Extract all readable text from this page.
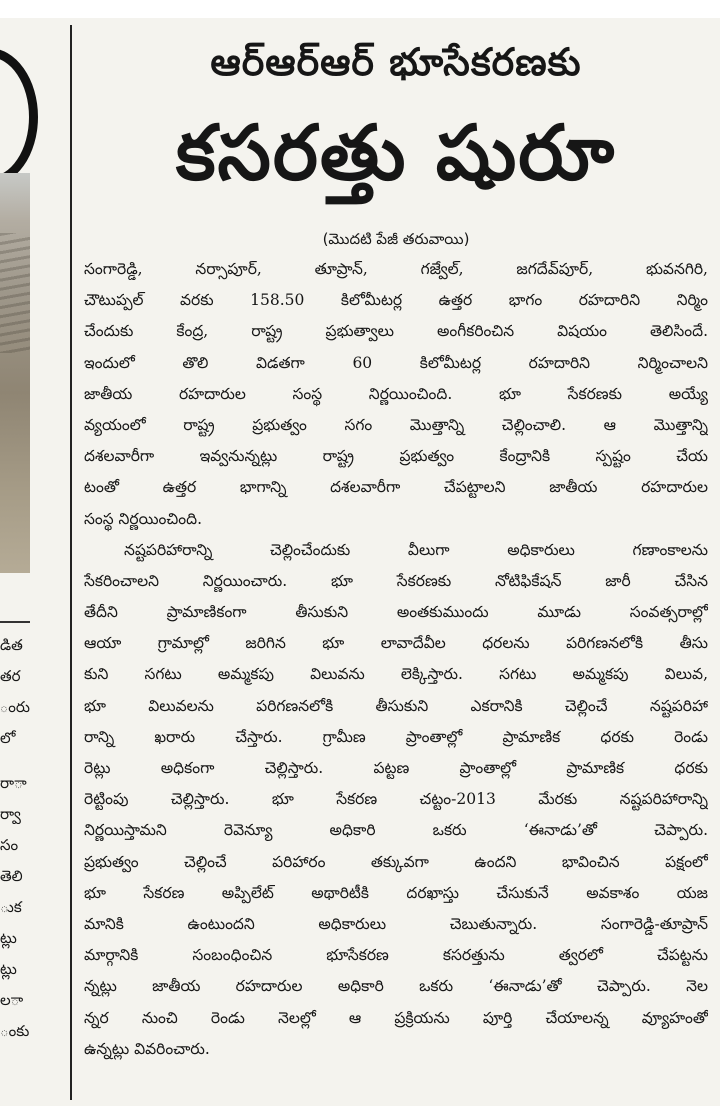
డిత
తర
ంరు
లో
ారా
ర్వా
సం
తెలి
ుక
ట్లు
ట్లు
ాల
ంకు
ఆర్‌ఆర్‌ఆర్‌ భూసేకరణకు
కసరత్తు షురూ
(మొదటి పేజీ తరువాయి)
సంగారెడ్డి, నర్సాపూర్‌, తూప్రాన్‌, గజ్వేల్‌, జగదేవ్‌పూర్‌, భువనగిరి,
చౌటుప్పల్‌ వరకు 158.50 కిలోమీటర్ల ఉత్తర భాగం రహదారిని నిర్మిం
చేందుకు కేంద్ర, రాష్ట్ర ప్రభుత్వాలు అంగీకరించిన విషయం తెలిసిందే.
ఇందులో తొలి విడతగా 60 కిలోమీటర్ల రహదారిని నిర్మించాలని
జాతీయ రహదారుల సంస్థ నిర్ణయించింది. భూ సేకరణకు అయ్యే
వ్యయంలో రాష్ట్ర ప్రభుత్వం సగం మొత్తాన్ని చెల్లించాలి. ఆ మొత్తాన్ని
దశలవారీగా ఇవ్వనున్నట్లు రాష్ట్ర ప్రభుత్వం కేంద్రానికి స్పష్టం చేయ
టంతో ఉత్తర భాగాన్ని దశలవారీగా చేపట్టాలని జాతీయ రహదారుల
సంస్థ నిర్ణయించింది.
నష్టపరిహారాన్ని చెల్లించేందుకు వీలుగా అధికారులు గణాంకాలను
సేకరించాలని నిర్ణయించారు. భూ సేకరణకు నోటిఫికేషన్‌ జారీ చేసిన
తేదీని ప్రామాణికంగా తీసుకుని అంతకుముందు మూడు సంవత్సరాల్లో
ఆయా గ్రామాల్లో జరిగిన భూ లావాదేవీల ధరలను పరిగణనలోకి తీసు
కుని సగటు అమ్మకపు విలువను లెక్కిస్తారు. సగటు అమ్మకపు విలువ,
భూ విలువలను పరిగణనలోకి తీసుకుని ఎకరానికి చెల్లించే నష్టపరిహా
రాన్ని ఖరారు చేస్తారు. గ్రామీణ ప్రాంతాల్లో ప్రామాణిక ధరకు రెండు
రెట్లు అధికంగా చెల్లిస్తారు. పట్టణ ప్రాంతాల్లో ప్రామాణిక ధరకు
రెట్టింపు చెల్లిస్తారు. భూ సేకరణ చట్టం-2013 మేరకు నష్టపరిహారాన్ని
నిర్ణయిస్తామని రెవెన్యూ అధికారి ఒకరు ‘ఈనాడు’తో చెప్పారు.
ప్రభుత్వం చెల్లించే పరిహారం తక్కువగా ఉందని భావించిన పక్షంలో
భూ సేకరణ అప్పిలేట్‌ అథారిటీకి దరఖాస్తు చేసుకునే అవకాశం యజ
మానికి ఉంటుందని అధికారులు చెబుతున్నారు. సంగారెడ్డి-తూప్రాన్‌
మార్గానికి సంబంధించిన భూసేకరణ కసరత్తును త్వరలో చేపట్టను
న్నట్లు జాతీయ రహదారుల అధికారి ఒకరు ‘ఈనాడు’తో చెప్పారు. నెల
న్నర నుంచి రెండు నెలల్లో ఆ ప్రక్రియను పూర్తి చేయాలన్న వ్యూహంతో
ఉన్నట్లు వివరించారు.
